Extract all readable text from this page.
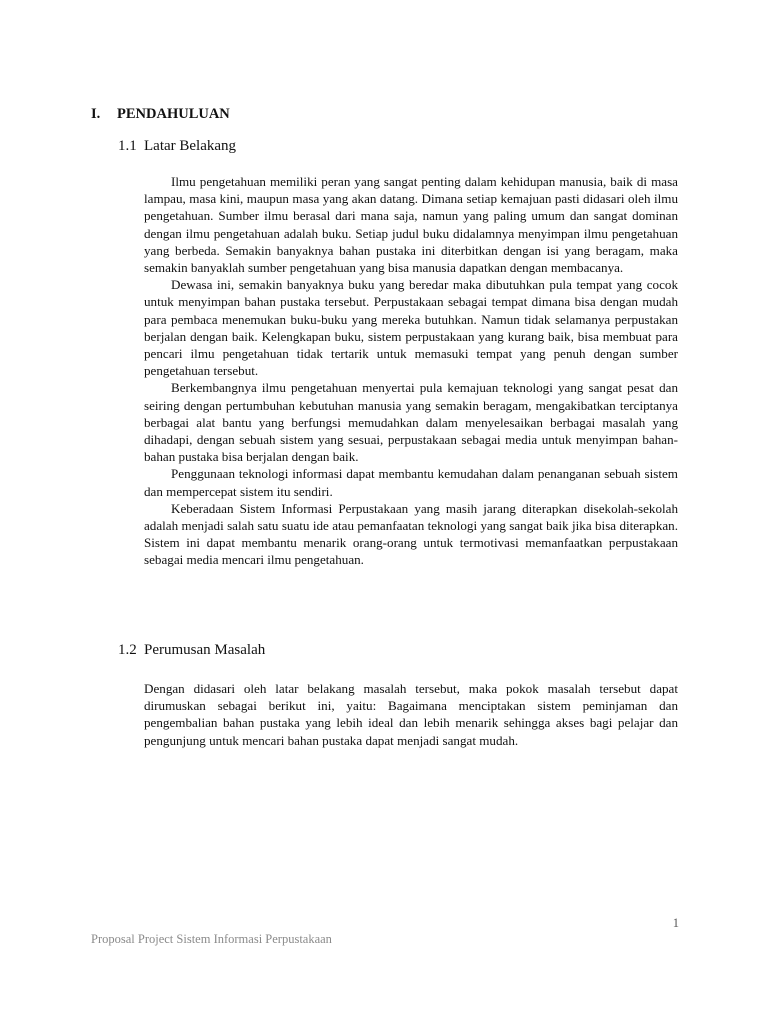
I. PENDAHULUAN
1.1 Latar Belakang

Ilmu pengetahuan memiliki peran yang sangat penting dalam kehidupan manusia, baik di masa lampau, masa kini, maupun masa yang akan datang. Dimana setiap kemajuan pasti didasari oleh ilmu pengetahuan. Sumber ilmu berasal dari mana saja, namun yang paling umum dan sangat dominan dengan ilmu pengetahuan adalah buku. Setiap judul buku didalamnya menyimpan ilmu pengetahuan yang berbeda. Semakin banyaknya bahan pustaka ini diterbitkan dengan isi yang beragam, maka semakin banyaklah sumber pengetahuan yang bisa manusia dapatkan dengan membacanya.

Dewasa ini, semakin banyaknya buku yang beredar maka dibutuhkan pula tempat yang cocok untuk menyimpan bahan pustaka tersebut. Perpustakaan sebagai tempat dimana bisa dengan mudah para pembaca menemukan buku-buku yang mereka butuhkan. Namun tidak selamanya perpustakan berjalan dengan baik. Kelengkapan buku, sistem perpustakaan yang kurang baik, bisa membuat para pencari ilmu pengetahuan tidak tertarik untuk memasuki tempat yang penuh dengan sumber pengetahuan tersebut.

Berkembangnya ilmu pengetahuan menyertai pula kemajuan teknologi yang sangat pesat dan seiring dengan pertumbuhan kebutuhan manusia yang semakin beragam, mengakibatkan terciptanya berbagai alat bantu yang berfungsi memudahkan dalam menyelesaikan berbagai masalah yang dihadapi, dengan sebuah sistem yang sesuai, perpustakaan sebagai media untuk menyimpan bahan-bahan pustaka bisa berjalan dengan baik.

Penggunaan teknologi informasi dapat membantu kemudahan dalam penanganan sebuah sistem dan mempercepat sistem itu sendiri.

Keberadaan Sistem Informasi Perpustakaan yang masih jarang diterapkan disekolah-sekolah adalah menjadi salah satu suatu ide atau pemanfaatan teknologi yang sangat baik jika bisa diterapkan. Sistem ini dapat membantu menarik orang-orang untuk termotivasi memanfaatkan perpustakaan sebagai media mencari ilmu pengetahuan.

1.2 Perumusan Masalah

Dengan didasari oleh latar belakang masalah tersebut, maka pokok masalah tersebut dapat dirumuskan sebagai berikut ini, yaitu: Bagaimana menciptakan sistem peminjaman dan pengembalian bahan pustaka yang lebih ideal dan lebih menarik sehingga akses bagi pelajar dan pengunjung untuk mencari bahan pustaka dapat menjadi sangat mudah.

1
Proposal Project Sistem Informasi Perpustakaan
